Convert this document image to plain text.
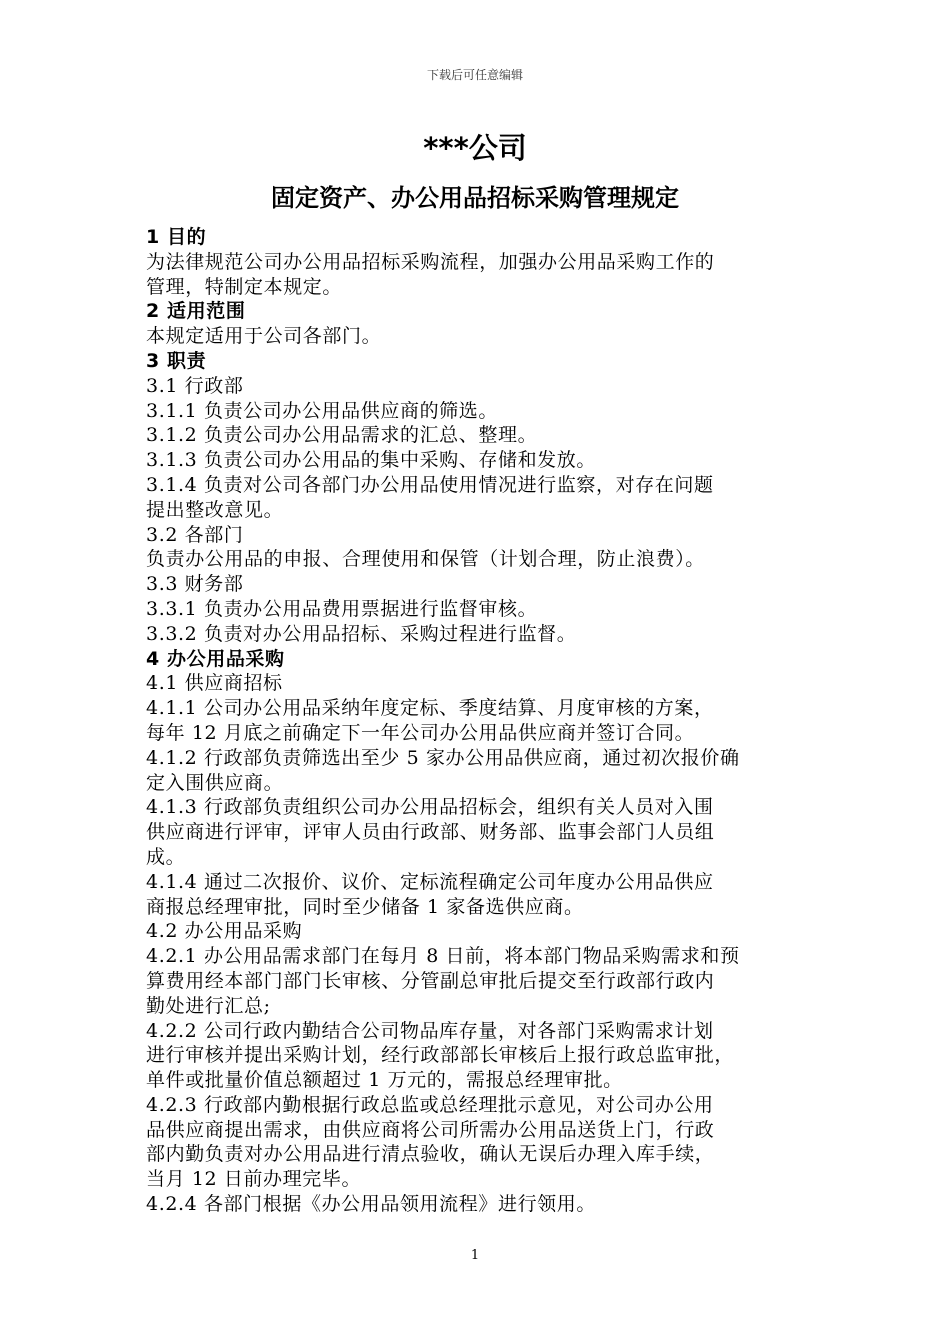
下载后可任意编辑
***公司
固定资产、办公用品招标采购管理规定
1 目的
为法律规范公司办公用品招标采购流程，加强办公用品采购工作的
管理，特制定本规定。
2 适用范围
本规定适用于公司各部门。
3 职责
3.1 行政部
3.1.1 负责公司办公用品供应商的筛选。
3.1.2 负责公司办公用品需求的汇总、整理。
3.1.3 负责公司办公用品的集中采购、存储和发放。
3.1.4 负责对公司各部门办公用品使用情况进行监察，对存在问题
提出整改意见。
3.2 各部门
负责办公用品的申报、合理使用和保管（计划合理，防止浪费）。
3.3 财务部
3.3.1 负责办公用品费用票据进行监督审核。
3.3.2 负责对办公用品招标、采购过程进行监督。
4 办公用品采购
4.1 供应商招标
4.1.1 公司办公用品采纳年度定标、季度结算、月度审核的方案，
每年 12 月底之前确定下一年公司办公用品供应商并签订合同。
4.1.2 行政部负责筛选出至少 5 家办公用品供应商，通过初次报价确
定入围供应商。
4.1.3 行政部负责组织公司办公用品招标会，组织有关人员对入围
供应商进行评审，评审人员由行政部、财务部、监事会部门人员组
成。
4.1.4 通过二次报价、议价、定标流程确定公司年度办公用品供应
商报总经理审批，同时至少储备 1 家备选供应商。
4.2 办公用品采购
4.2.1 办公用品需求部门在每月 8 日前，将本部门物品采购需求和预
算费用经本部门部门长审核、分管副总审批后提交至行政部行政内
勤处进行汇总;
4.2.2 公司行政内勤结合公司物品库存量，对各部门采购需求计划
进行审核并提出采购计划，经行政部部长审核后上报行政总监审批，
单件或批量价值总额超过 1 万元的，需报总经理审批。
4.2.3 行政部内勤根据行政总监或总经理批示意见，对公司办公用
品供应商提出需求，由供应商将公司所需办公用品送货上门，行政
部内勤负责对办公用品进行清点验收，确认无误后办理入库手续，
当月 12 日前办理完毕。
4.2.4 各部门根据《办公用品领用流程》进行领用。
1
